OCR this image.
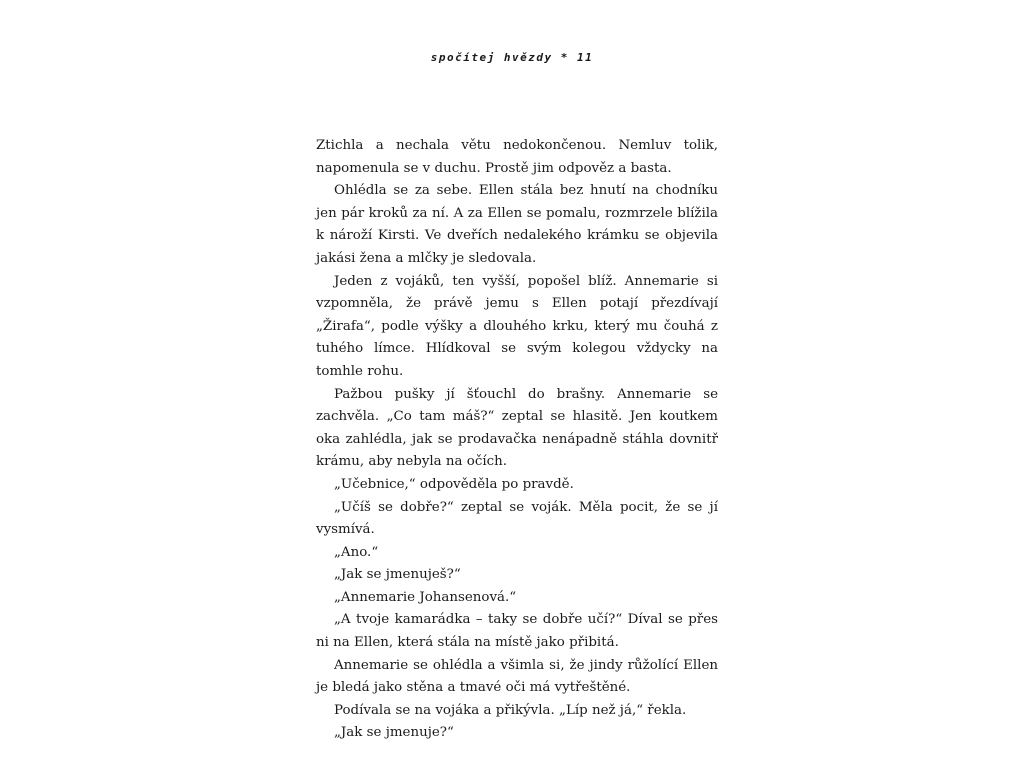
spočítej hvězdy * 11

Ztichla a nechala větu nedokončenou. Nemluv tolik, napomenula se v duchu. Prostě jim odpověz a basta.

Ohlédla se za sebe. Ellen stála bez hnutí na chodníku jen pár kroků za ní. A za Ellen se pomalu, rozmrzele blížila k nároží Kirsti. Ve dveřích nedalekého krámku se objevila jakási žena a mlčky je sledovala.

Jeden z vojáků, ten vyšší, popošel blíž. Annemarie si vzpomněla, že právě jemu s Ellen potají přezdívají „Žirafa“, podle výšky a dlouhého krku, který mu čouhá z tuhého límce. Hlídkoval se svým kolegou vždycky na tomhle rohu.

Pažbou pušky jí šťouchl do brašny. Annemarie se zachvěla. „Co tam máš?“ zeptal se hlasitě. Jen koutkem oka zahlédla, jak se prodavačka nenápadně stáhla dovnitř krámu, aby nebyla na očích.

„Učebnice,“ odpověděla po pravdě.

„Učíš se dobře?“ zeptal se voják. Měla pocit, že se jí vysmívá.

„Ano.“

„Jak se jmenuješ?“

„Annemarie Johansenová.“

„A tvoje kamarádka – taky se dobře učí?“ Díval se přes ni na Ellen, která stála na místě jako přibitá.

Annemarie se ohlédla a všimla si, že jindy růžolící Ellen je bledá jako stěna a tmavé oči má vytřeštěné.

Podívala se na vojáka a přikývla. „Líp než já,“ řekla.

„Jak se jmenuje?“
